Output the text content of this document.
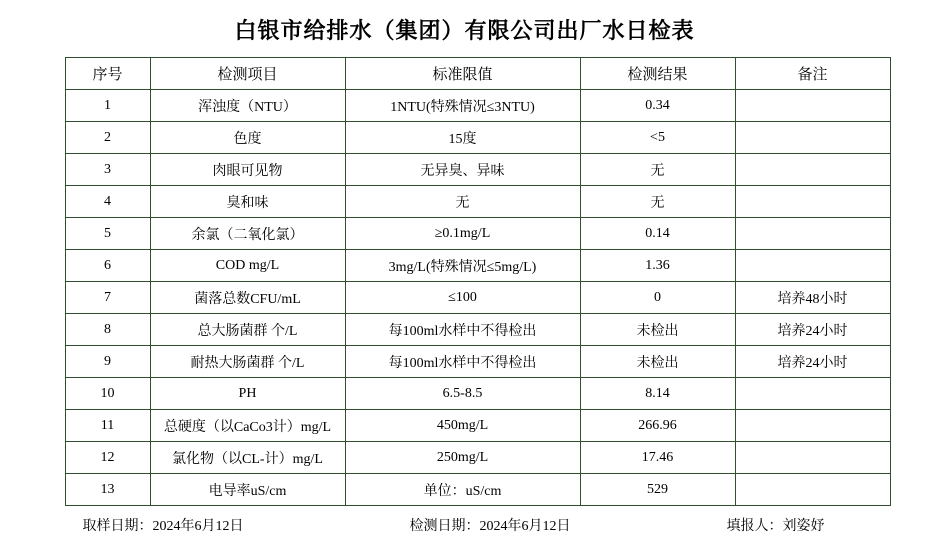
白银市给排水（集团）有限公司出厂水日检表
序号	检测项目	标准限值	检测结果	备注
1	浑浊度（NTU）	1NTU(特殊情况≤3NTU)	0.34	
2	色度	15度	<5	
3	肉眼可见物	无异臭、异味	无	
4	臭和味	无	无	
5	余氯（二氧化氯）	≥0.1mg/L	0.14	
6	COD mg/L	3mg/L(特殊情况≤5mg/L)	1.36	
7	菌落总数CFU/mL	≤100	0	培养48小时
8	总大肠菌群 个/L	每100ml水样中不得检出	未检出	培养24小时
9	耐热大肠菌群 个/L	每100ml水样中不得检出	未检出	培养24小时
10	PH	6.5-8.5	8.14	
11	总硬度（以CaCo3计）mg/L	450mg/L	266.96	
12	氯化物（以CL-计）mg/L	250mg/L	17.46	
13	电导率uS/cm	单位：uS/cm	529	
取样日期：2024年6月12日	检测日期：2024年6月12日	填报人：刘姿妤
